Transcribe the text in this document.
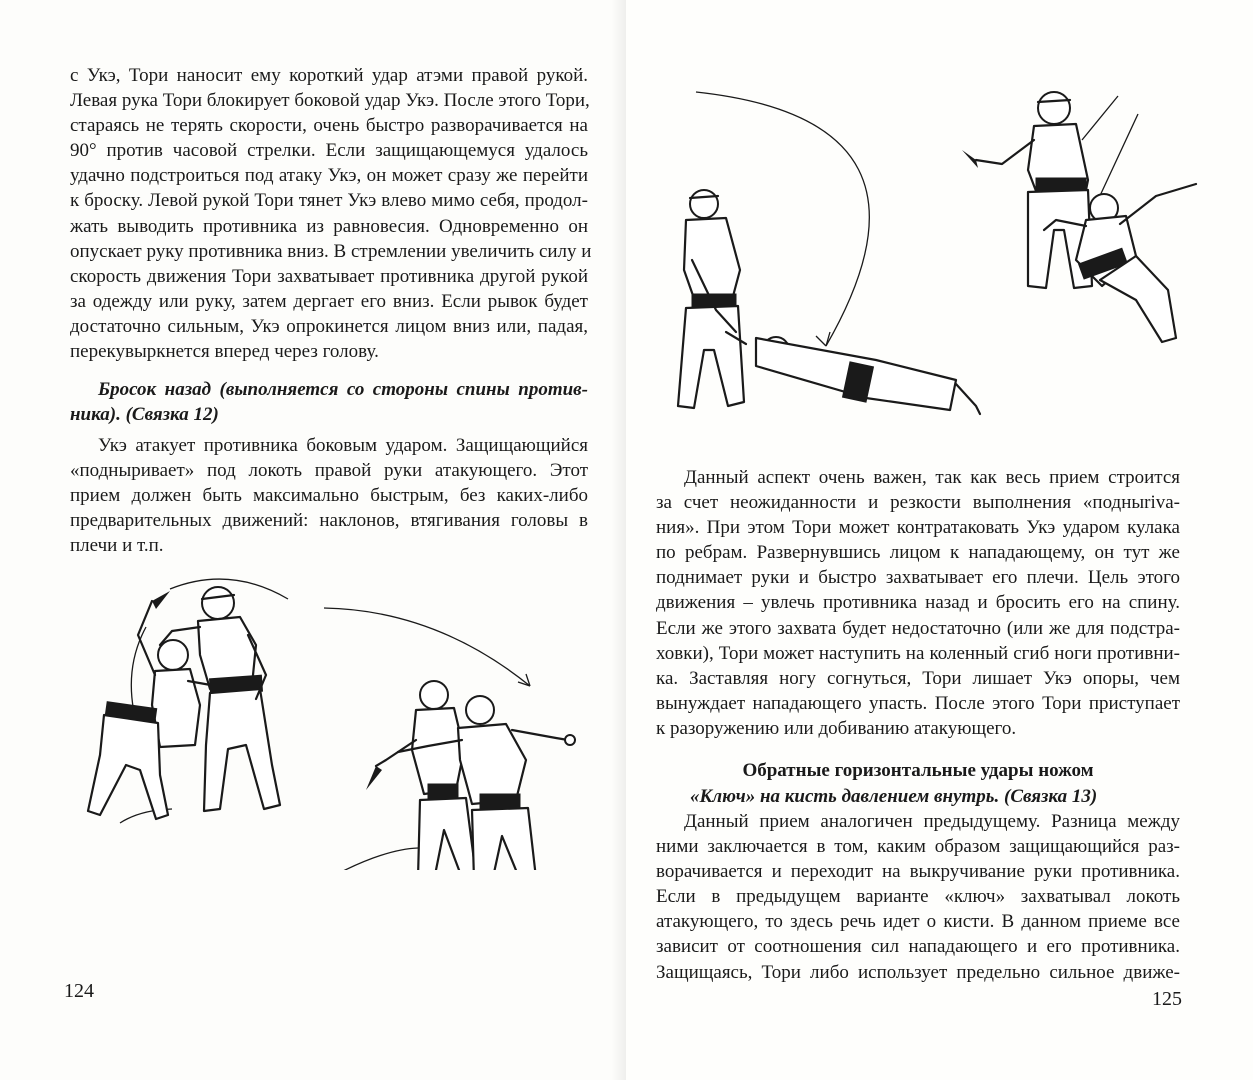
с Укэ, Тори наносит ему короткий удар атэми правой рукой.
Левая рука Тори блокирует боковой удар Укэ. После этого Тори,
стараясь не терять скорости, очень быстро разворачивается на
90° против часовой стрелки. Если защищающемуся удалось
удачно подстроиться под атаку Укэ, он может сразу же перейти
к броску. Левой рукой Тори тянет Укэ влево мимо себя, продол-
жать выводить противника из равновесия. Одновременно он
опускает руку противника вниз. В стремлении увеличить силу и
скорость движения Тори захватывает противника другой рукой
за одежду или руку, затем дергает его вниз. Если рывок будет
достаточно сильным, Укэ опрокинется лицом вниз или, падая,
перекувыркнется вперед через голову.
Бросок назад (выполняется со стороны спины против-
ника). (Связка 12)
Укэ атакует противника боковым ударом. Защищающийся
«подныривает» под локоть правой руки атакующего. Этот
прием должен быть максимально быстрым, без каких-либо
предварительных движений: наклонов, втягивания головы в
плечи и т.п.
124
Данный аспект очень важен, так как весь прием строится
за счет неожиданности и резкости выполнения «подныriva-
ния». При этом Тори может контратаковать Укэ ударом кулака
по ребрам. Развернувшись лицом к нападающему, он тут же
поднимает руки и быстро захватывает его плечи. Цель этого
движения – увлечь противника назад и бросить его на спину.
Если же этого захвата будет недостаточно (или же для подстра-
ховки), Тори может наступить на коленный сгиб ноги противни-
ка. Заставляя ногу согнуться, Тори лишает Укэ опоры, чем
вынуждает нападающего упасть. После этого Тори приступает
к разоружению или добиванию атакующего.
Обратные горизонтальные удары ножом
«Ключ» на кисть давлением внутрь. (Связка 13)
Данный прием аналогичен предыдущему. Разница между
ними заключается в том, каким образом защищающийся раз-
ворачивается и переходит на выкручивание руки противника.
Если в предыдущем варианте «ключ» захватывал локоть
атакующего, то здесь речь идет о кисти. В данном приеме все
зависит от соотношения сил нападающего и его противника.
Защищаясь, Тори либо использует предельно сильное движе-
125
